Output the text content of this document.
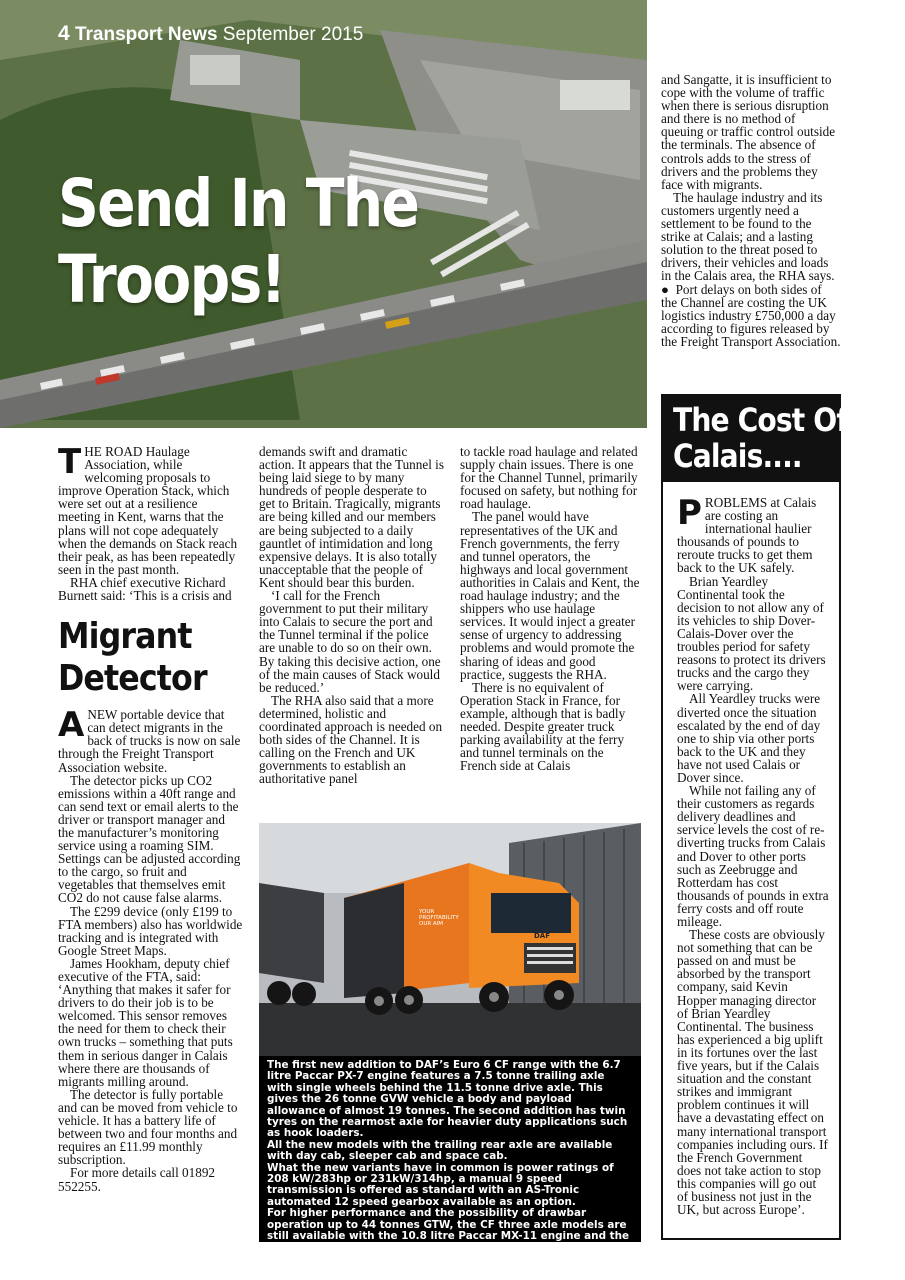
4 Transport News September 2015
Send In The
Troops!

THE ROAD Haulage Association, while welcoming proposals to improve Operation Stack, which were set out at a resilience meeting in Kent, warns that the plans will not cope adequately when the demands on Stack reach their peak, as has been repeatedly seen in the past month.

RHA chief executive Richard Burnett said: ‘This is a crisis and

Migrant
Detector

ANEW portable device that can detect migrants in the back of trucks is now on sale through the Freight Transport Association website.

The detector picks up CO2 emissions within a 40ft range and can send text or email alerts to the driver or transport manager and the manufacturer’s monitoring service using a roaming SIM. Settings can be adjusted according to the cargo, so fruit and vegetables that themselves emit CO2 do not cause false alarms.

The £299 device (only £199 to FTA members) also has worldwide tracking and is integrated with Google Street Maps.

James Hookham, deputy chief executive of the FTA, said: ‘Anything that makes it safer for drivers to do their job is to be welcomed. This sensor removes the need for them to check their own trucks – something that puts them in serious danger in Calais where there are thousands of migrants milling around.

The detector is fully portable and can be moved from vehicle to vehicle. It has a battery life of between two and four months and requires an £11.99 monthly subscription.

For more details call 01892 552255.

demands swift and dramatic action. It appears that the Tunnel is being laid siege to by many hundreds of people desperate to get to Britain. Tragically, migrants are being killed and our members are being subjected to a daily gauntlet of intimidation and long expensive delays. It is also totally unacceptable that the people of Kent should bear this burden.

‘I call for the French government to put their military into Calais to secure the port and the Tunnel terminal if the police are unable to do so on their own. By taking this decisive action, one of the main causes of Stack would be reduced.’

The RHA also said that a more determined, holistic and coordinated approach is needed on both sides of the Channel. It is calling on the French and UK governments to establish an authoritative panel

to tackle road haulage and related supply chain issues. There is one for the Channel Tunnel, primarily focused on safety, but nothing for road haulage.

The panel would have representatives of the UK and French governments, the ferry and tunnel operators, the highways and local government authorities in Calais and Kent, the road haulage industry; and the shippers who use haulage services. It would inject a greater sense of urgency to addressing problems and would promote the sharing of ideas and good practice, suggests the RHA.

There is no equivalent of Operation Stack in France, for example, although that is badly needed. Despite greater truck parking availability at the ferry and tunnel terminals on the French side at Calais

and Sangatte, it is insufficient to cope with the volume of traffic when there is serious disruption and there is no method of queuing or traffic control outside the terminals. The absence of controls adds to the stress of drivers and the problems they face with migrants.

The haulage industry and its customers urgently need a settlement to be found to the strike at Calais; and a lasting solution to the threat posed to drivers, their vehicles and loads in the Calais area, the RHA says.

● Port delays on both sides of the Channel are costing the UK logistics industry £750,000 a day according to figures released by the Freight Transport Association.

The Cost Of
Calais....

PROBLEMS at Calais are costing an international haulier thousands of pounds to reroute trucks to get them back to the UK safely.

Brian Yeardley Continental took the decision to not allow any of its vehicles to ship Dover-Calais-Dover over the troubles period for safety reasons to protect its drivers trucks and the cargo they were carrying.

All Yeardley trucks were diverted once the situation escalated by the end of day one to ship via other ports back to the UK and they have not used Calais or Dover since.

While not failing any of their customers as regards delivery deadlines and service levels the cost of re-diverting trucks from Calais and Dover to other ports such as Zeebrugge and Rotterdam has cost thousands of pounds in extra ferry costs and off route mileage.

These costs are obviously not something that can be passed on and must be absorbed by the transport company, said Kevin Hopper managing director of Brian Yeardley Continental. The business has experienced a big uplift in its fortunes over the last five years, but if the Calais situation and the constant strikes and immigrant problem continues it will have a devastating effect on many international transport companies including ours. If the French Government does not take action to stop this companies will go out of business not just in the UK, but across Europe’.

DAF
YOUR PROFITABILITY OUR AIM

The first new addition to DAF’s Euro 6 CF range with the 6.7 litre Paccar PX-7 engine features a 7.5 tonne trailing axle with single wheels behind the 11.5 tonne drive axle. This gives the 26 tonne GVW vehicle a body and payload allowance of almost 19 tonnes. The second addition has twin tyres on the rearmost axle for heavier duty applications such as hook loaders.

All the new models with the trailing rear axle are available with day cab, sleeper cab and space cab.

What the new variants have in common is power ratings of 208 kW/283hp or 231kW/314hp, a manual 9 speed transmission is offered as standard with an AS-Tronic automated 12 speed gearbox available as an option.

For higher performance and the possibility of drawbar operation up to 44 tonnes GTW, the CF three axle models are still available with the 10.8 litre Paccar MX-11 engine and the 12.9 litre Paccar MX-13 engine. Production of the new models with the PX-7 engine will start in early November, but they can be ordered earlier, says DAF.
